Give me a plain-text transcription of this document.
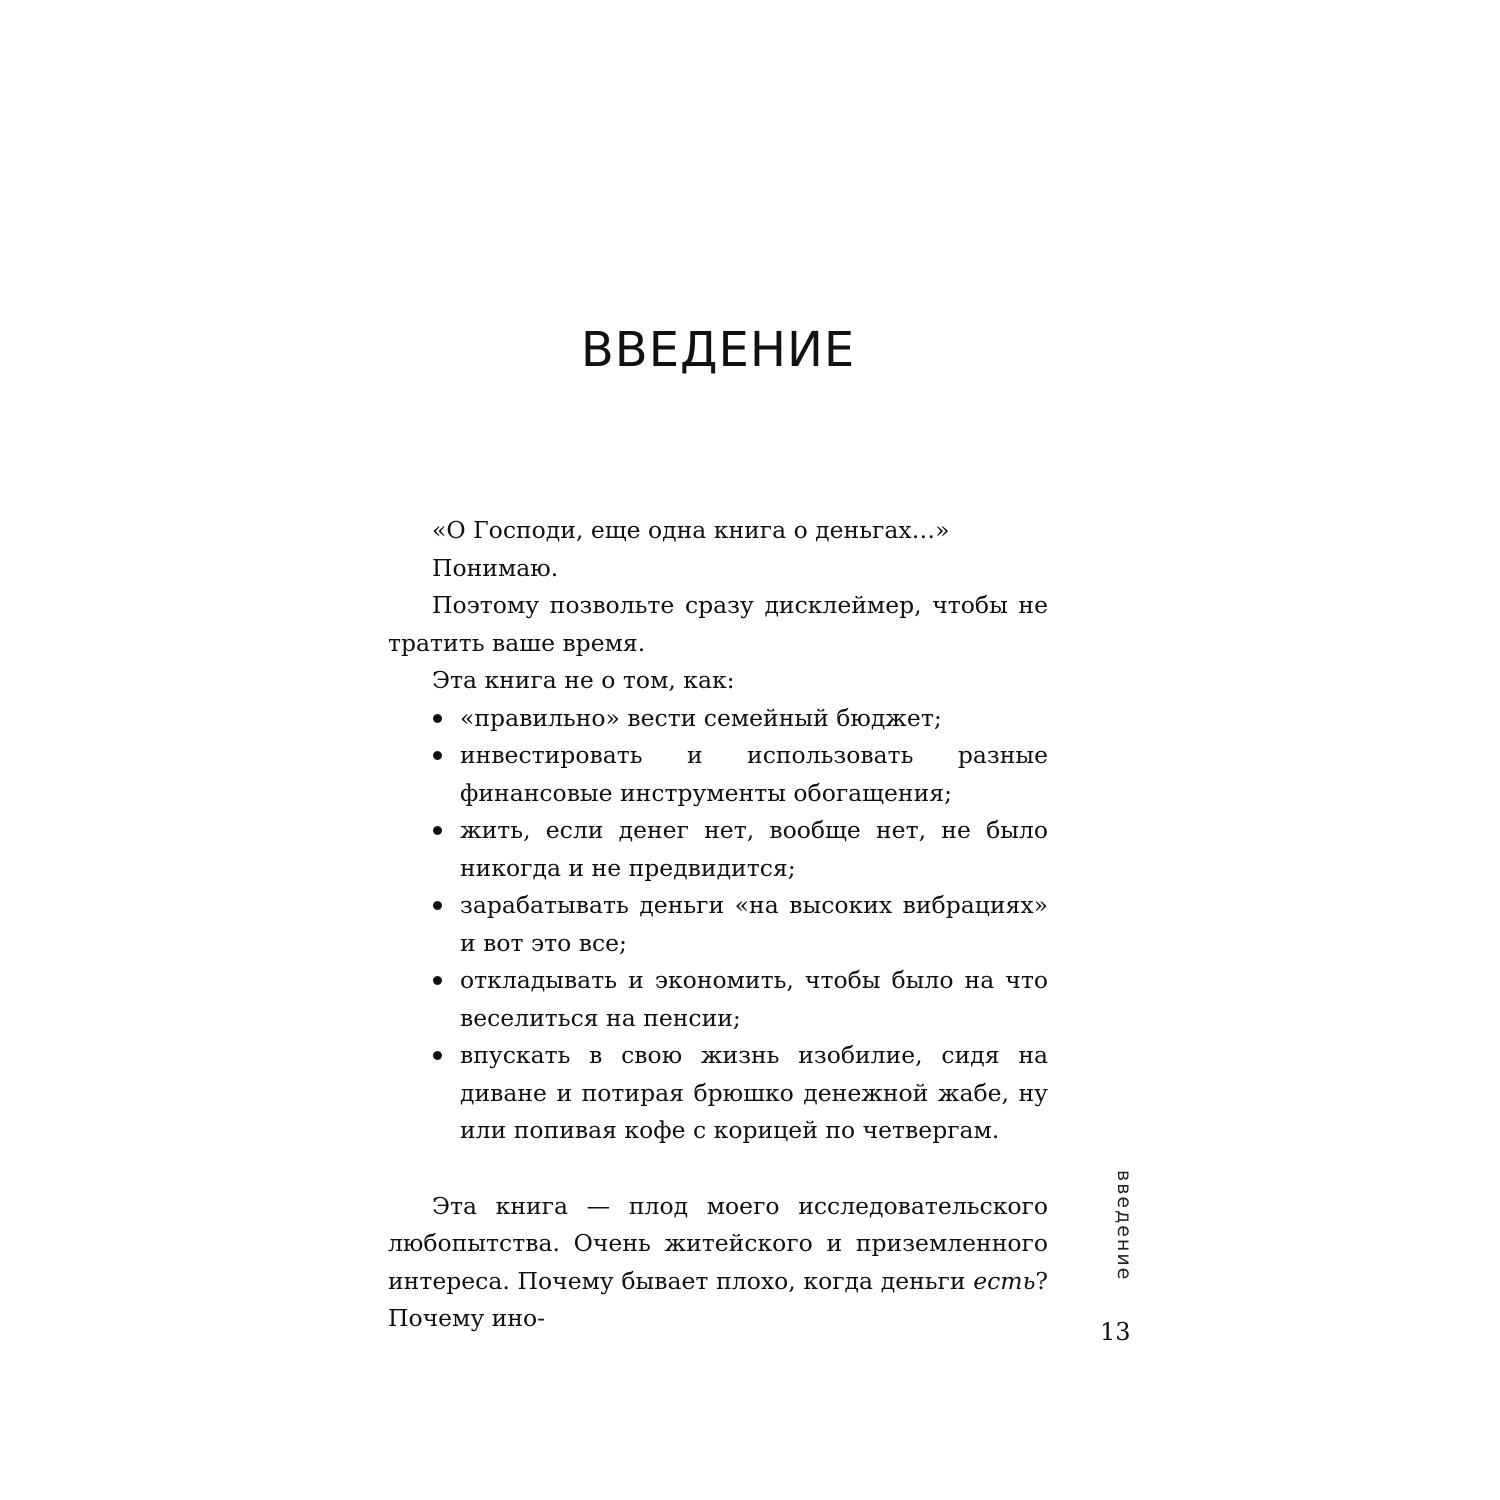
ВВЕДЕНИЕ

«О Господи, еще одна книга о деньгах…»

Понимаю.

Поэтому позвольте сразу дисклеймер, чтобы не тратить ваше время.

Эта книга не о том, как:

«правильно» вести семейный бюджет;
инвестировать и использовать разные финансовые инструменты обогащения;
жить, если денег нет, вообще нет, не было никогда и не предвидится;
зарабатывать деньги «на высоких вибрациях» и вот это все;
откладывать и экономить, чтобы было на что веселиться на пенсии;
впускать в свою жизнь изобилие, сидя на диване и потирая брюшко денежной жабе, ну или попивая кофе с корицей по четвергам.

Эта книга — плод моего исследовательского любопытства. Очень житейского и приземленного интереса. Почему бывает плохо, когда деньги есть? Почему ино-

введение
13
